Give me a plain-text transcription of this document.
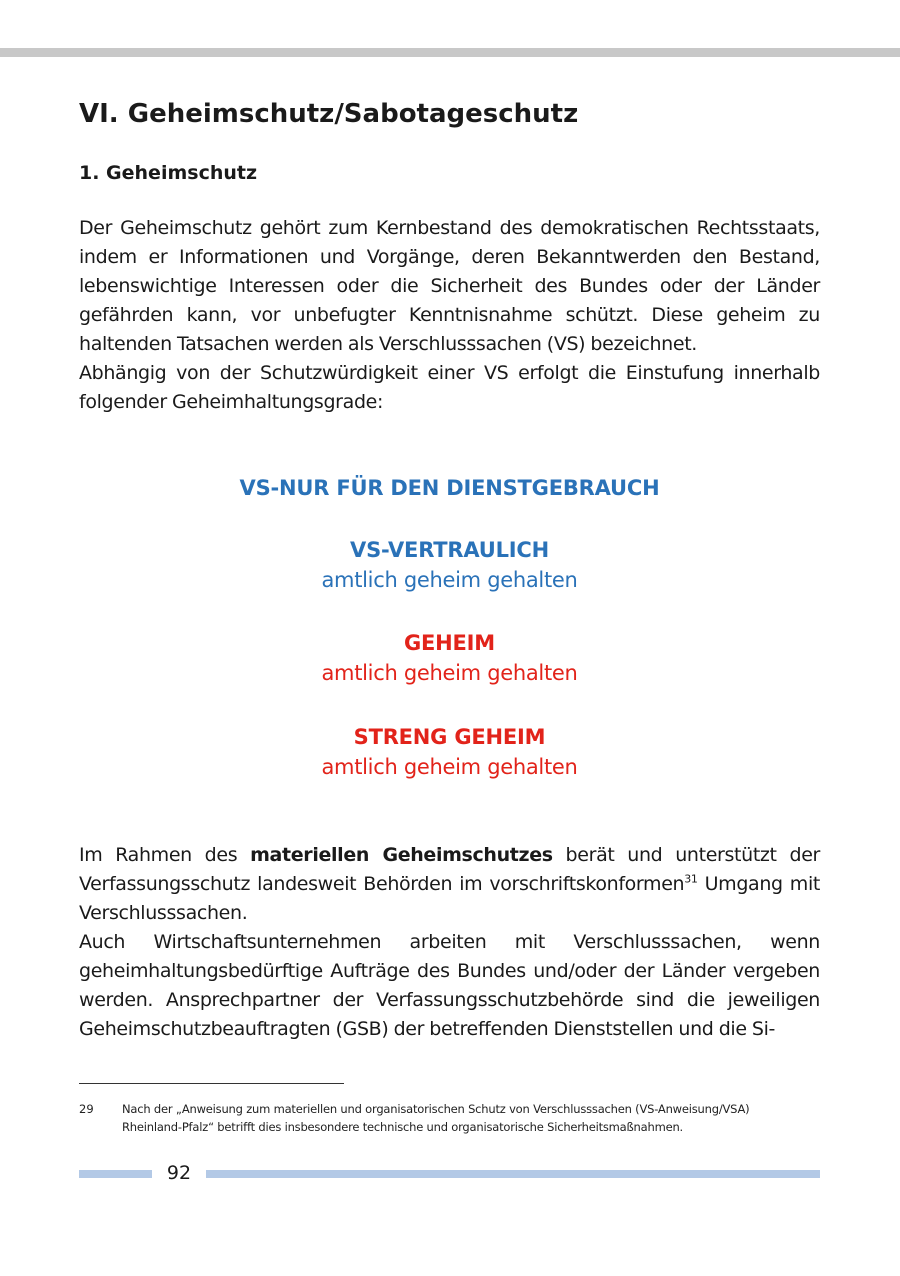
VI. Geheimschutz/Sabotageschutz
1. Geheimschutz

Der Geheimschutz gehört zum Kernbestand des demokratischen Rechtsstaats, indem er Informationen und Vorgänge, deren Bekanntwerden den Bestand, lebenswichtige Interessen oder die Sicherheit des Bundes oder der Länder gefährden kann, vor unbefugter Kenntnisnahme schützt. Diese geheim zu haltenden Tatsachen werden als Verschlusssachen (VS) bezeichnet.

Abhängig von der Schutzwürdigkeit einer VS erfolgt die Einstufung innerhalb folgender Geheimhaltungsgrade:

VS-NUR FÜR DEN DIENSTGEBRAUCH
VS-VERTRAULICH
amtlich geheim gehalten
GEHEIM
amtlich geheim gehalten
STRENG GEHEIM
amtlich geheim gehalten

Im Rahmen des materiellen Geheimschutzes berät und unterstützt der Verfassungsschutz landesweit Behörden im vorschriftskonformen$^{31}$ Umgang mit Verschlusssachen.

Auch Wirtschaftsunternehmen arbeiten mit Verschlusssachen, wenn geheimhaltungsbedürftige Aufträge des Bundes und/oder der Länder vergeben werden. Ansprechpartner der Verfassungsschutzbehörde sind die jeweiligen Geheimschutzbeauftragten (GSB) der betreffenden Dienststellen und die Si-

29 Nach der „Anweisung zum materiellen und organisatorischen Schutz von Verschlusssachen (VS-Anweisung/VSA)
Rheinland-Pfalz“ betrifft dies insbesondere technische und organisatorische Sicherheitsmaßnahmen.
92
